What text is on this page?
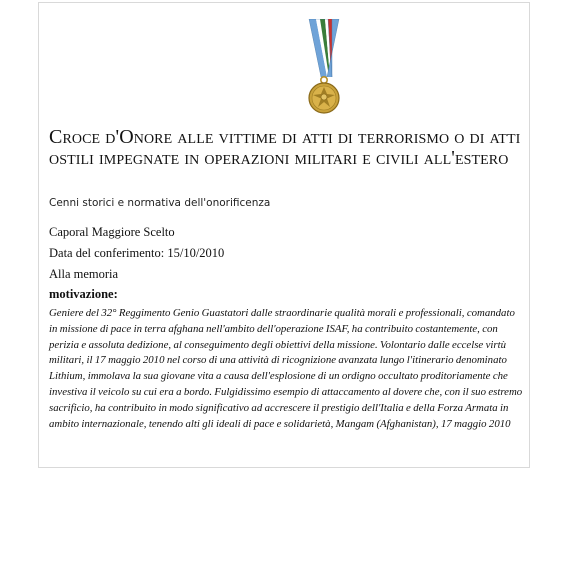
Croce d'Onore alle vittime di atti di terrorismo o di atti ostili impegnate in operazioni militari e civili all'estero
Cenni storici e normativa dell'onorificenza
Caporal Maggiore Scelto
Data del conferimento: 15/10/2010
Alla memoria
motivazione:

Geniere del 32° Reggimento Genio Guastatori dalle straordinarie qualità morali e professionali, comandato in missione di pace in terra afghana nell'ambito dell'operazione ISAF, ha contribuito costantemente, con perizia e assoluta dedizione, al conseguimento degli obiettivi della missione. Volontario dalle eccelse virtù militari, il 17 maggio 2010 nel corso di una attività di ricognizione avanzata lungo l'itinerario denominato Lithium, immolava la sua giovane vita a causa dell'esplosione di un ordigno occultato proditoriamente che investiva il veicolo su cui era a bordo. Fulgidissimo esempio di attaccamento al dovere che, con il suo estremo sacrificio, ha contribuito in modo significativo ad accrescere il prestigio dell'Italia e della Forza Armata in ambito internazionale, tenendo alti gli ideali di pace e solidarietà, Mangam (Afghanistan), 17 maggio 2010
